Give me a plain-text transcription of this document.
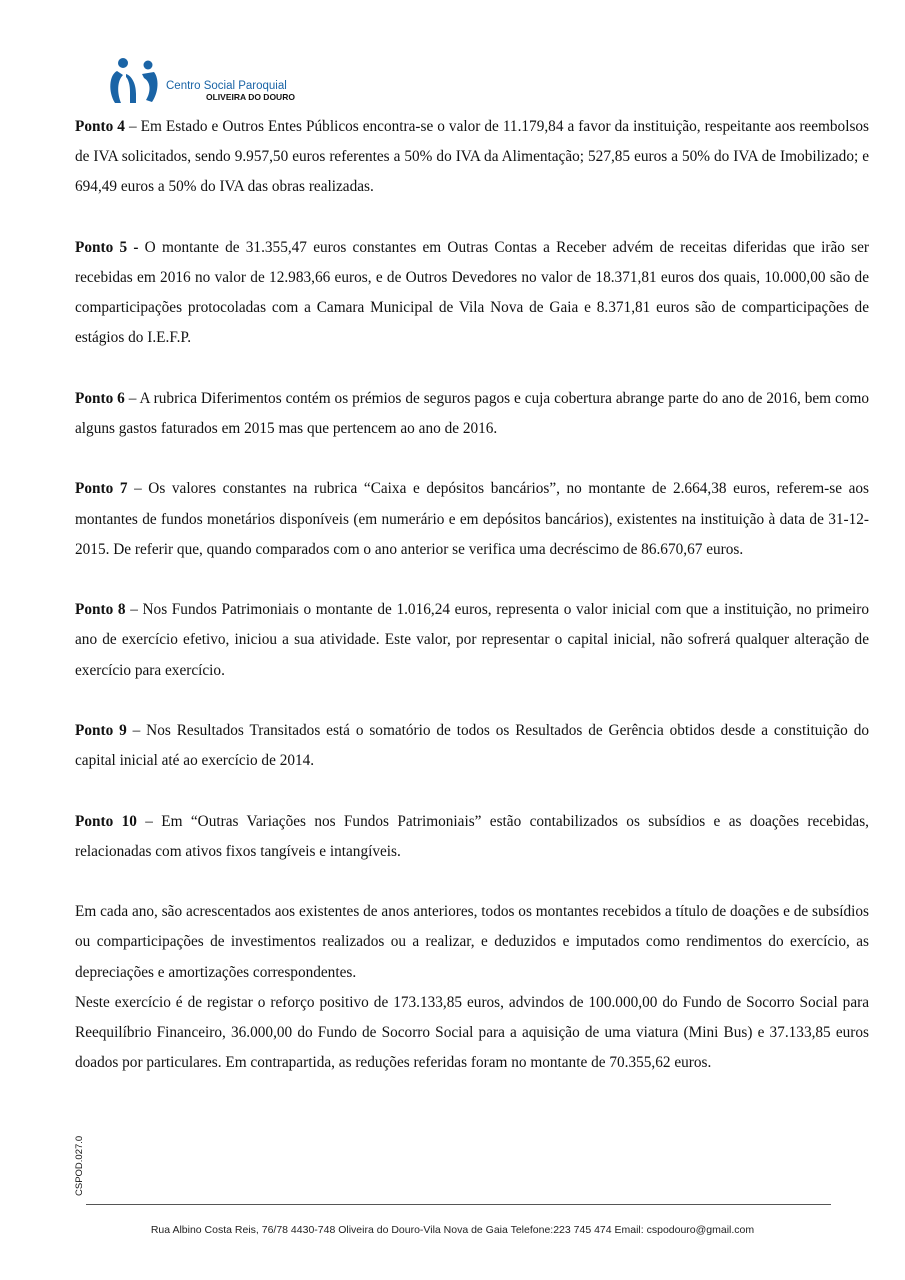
Centro Social Paroquial
OLIVEIRA DO DOURO

Ponto 4 – Em Estado e Outros Entes Públicos encontra-se o valor de 11.179,84 a favor da instituição, respeitante aos reembolsos de IVA solicitados, sendo 9.957,50 euros referentes a 50% do IVA da Alimentação; 527,85 euros a 50% do IVA de Imobilizado; e 694,49 euros a 50% do IVA das obras realizadas.

Ponto 5 - O montante de 31.355,47 euros constantes em Outras Contas a Receber advém de receitas diferidas que irão ser recebidas em 2016 no valor de 12.983,66 euros, e de Outros Devedores no valor de 18.371,81 euros dos quais, 10.000,00 são de comparticipações protocoladas com a Camara Municipal de Vila Nova de Gaia e 8.371,81 euros são de comparticipações de estágios do I.E.F.P.

Ponto 6 – A rubrica Diferimentos contém os prémios de seguros pagos e cuja cobertura abrange parte do ano de 2016, bem como alguns gastos faturados em 2015 mas que pertencem ao ano de 2016.

Ponto 7 – Os valores constantes na rubrica “Caixa e depósitos bancários”, no montante de 2.664,38 euros, referem-se aos montantes de fundos monetários disponíveis (em numerário e em depósitos bancários), existentes na instituição à data de 31-12-2015. De referir que, quando comparados com o ano anterior se verifica uma decréscimo de 86.670,67 euros.

Ponto 8 – Nos Fundos Patrimoniais o montante de 1.016,24 euros, representa o valor inicial com que a instituição, no primeiro ano de exercício efetivo, iniciou a sua atividade. Este valor, por representar o capital inicial, não sofrerá qualquer alteração de exercício para exercício.

Ponto 9 – Nos Resultados Transitados está o somatório de todos os Resultados de Gerência obtidos desde a constituição do capital inicial até ao exercício de 2014.

Ponto 10 – Em “Outras Variações nos Fundos Patrimoniais” estão contabilizados os subsídios e as doações recebidas, relacionadas com ativos fixos tangíveis e intangíveis.

Em cada ano, são acrescentados aos existentes de anos anteriores, todos os montantes recebidos a título de doações e de subsídios ou comparticipações de investimentos realizados ou a realizar, e deduzidos e imputados como rendimentos do exercício, as depreciações e amortizações correspondentes.

Neste exercício é de registar o reforço positivo de 173.133,85 euros, advindos de 100.000,00 do Fundo de Socorro Social para Reequilíbrio Financeiro, 36.000,00 do Fundo de Socorro Social para a aquisição de uma viatura (Mini Bus) e 37.133,85 euros doados por particulares. Em contrapartida, as reduções referidas foram no montante de 70.355,62 euros.

CSPOD.027.0
Rua Albino Costa Reis, 76/78 4430-748 Oliveira do Douro-Vila Nova de Gaia Telefone:223 745 474 Email: cspodouro@gmail.com
